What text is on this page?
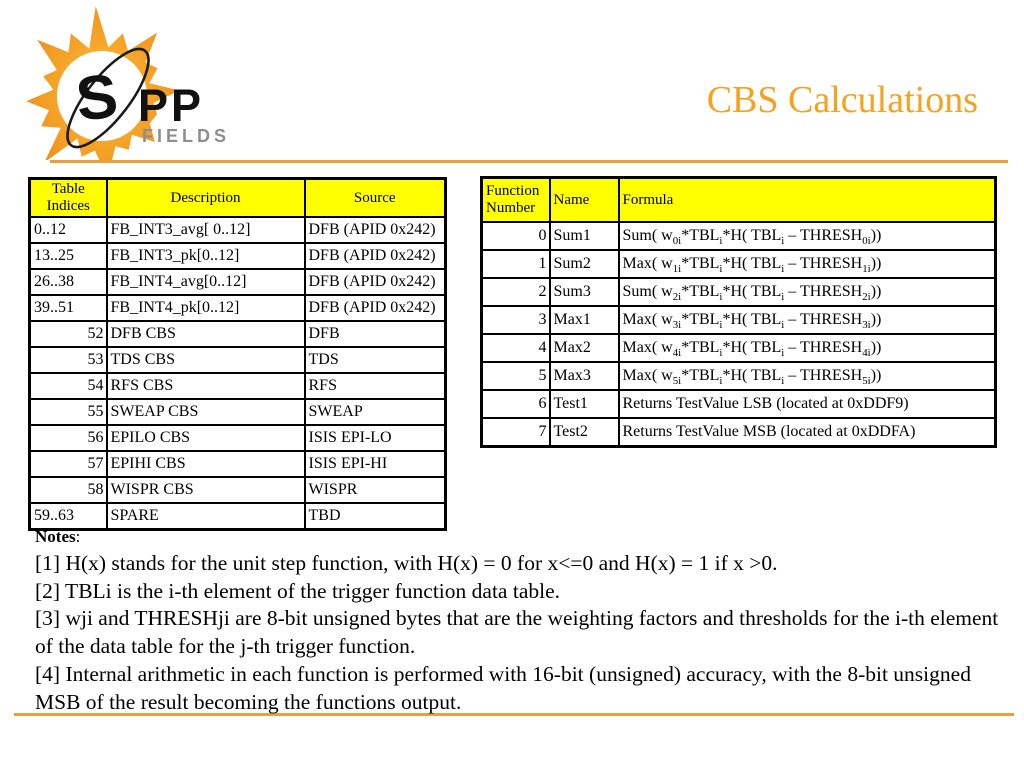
S PP
FIELDS
CBS Calculations
Table Indices	Description	Source
0..12	FB_INT3_avg[ 0..12]	DFB (APID 0x242)
13..25	FB_INT3_pk[0..12]	DFB (APID 0x242)
26..38	FB_INT4_avg[0..12]	DFB (APID 0x242)
39..51	FB_INT4_pk[0..12]	DFB (APID 0x242)
52	DFB CBS	DFB
53	TDS CBS	TDS
54	RFS CBS	RFS
55	SWEAP CBS	SWEAP
56	EPILO CBS	ISIS EPI-LO
57	EPIHI CBS	ISIS EPI-HI
58	WISPR CBS	WISPR
59..63	SPARE	TBD
Function Number	Name	Formula
0	Sum1	Sum( $w_{0i}*TBL_i*H$( $TBL_i$ – $THRESH_{0i}$))
1	Sum2	Max( $w_{1i}*TBL_i*H$( $TBL_i$ – $THRESH_{1i}$))
2	Sum3	Sum( $w_{2i}*TBL_i*H$( $TBL_i$ – $THRESH_{2i}$))
3	Max1	Max( $w_{3i}*TBL_i*H$( $TBL_i$ – $THRESH_{3i}$))
4	Max2	Max( $w_{4i}*TBL_i*H$( $TBL_i$ – $THRESH_{4i}$))
5	Max3	Max( $w_{5i}*TBL_i*H$( $TBL_i$ – $THRESH_{5i}$))
6	Test1	Returns TestValue LSB (located at 0xDDF9)
7	Test2	Returns TestValue MSB (located at 0xDDFA)
Notes:
[1] H(x) stands for the unit step function, with H(x) = 0 for x<=0 and H(x) = 1 if x >0.
[2] TBLi is the i-th element of the trigger function data table.
[3] wji and THRESHji are 8-bit unsigned bytes that are the weighting factors and thresholds for the i-th element of the data table for the j-th trigger function.
[4] Internal arithmetic in each function is performed with 16-bit (unsigned) accuracy, with the 8-bit unsigned MSB of the result becoming the functions output.
